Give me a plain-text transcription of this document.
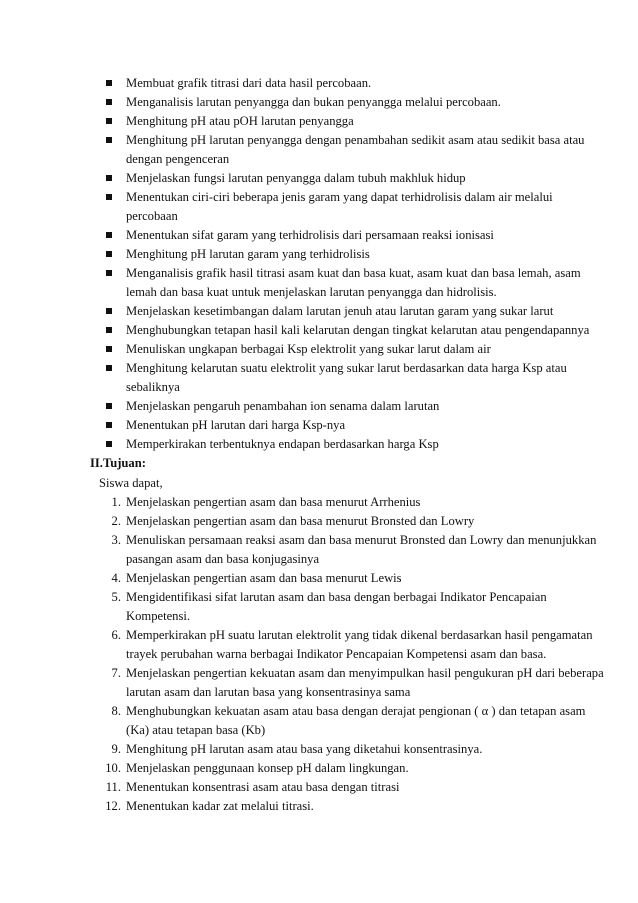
Membuat grafik titrasi dari data hasil percobaan.
Menganalisis larutan penyangga dan bukan penyangga melalui percobaan.
Menghitung pH atau pOH larutan penyangga
Menghitung pH larutan penyangga dengan penambahan sedikit asam atau sedikit basa atau dengan pengenceran
Menjelaskan fungsi larutan penyangga dalam tubuh makhluk hidup
Menentukan ciri-ciri beberapa jenis garam yang dapat terhidrolisis dalam air melalui percobaan
Menentukan sifat garam yang terhidrolisis dari persamaan reaksi ionisasi
Menghitung pH larutan garam yang terhidrolisis
Menganalisis grafik hasil titrasi asam kuat dan basa kuat, asam kuat dan basa lemah, asam lemah dan basa kuat untuk menjelaskan larutan penyangga dan hidrolisis.
Menjelaskan kesetimbangan dalam larutan jenuh atau larutan garam yang sukar larut
Menghubungkan tetapan hasil kali kelarutan dengan tingkat kelarutan atau pengendapannya
Menuliskan ungkapan berbagai Ksp elektrolit yang sukar larut dalam air
Menghitung kelarutan suatu elektrolit yang sukar larut berdasarkan data harga Ksp atau sebaliknya
Menjelaskan pengaruh penambahan ion senama dalam larutan
Menentukan pH larutan dari harga Ksp-nya
Memperkirakan terbentuknya endapan berdasarkan harga Ksp
II.Tujuan:

Siswa dapat,

1. Menjelaskan pengertian asam dan basa menurut Arrhenius
2. Menjelaskan pengertian asam dan basa menurut Bronsted dan Lowry
3. Menuliskan persamaan reaksi asam dan basa menurut Bronsted dan Lowry dan menunjukkan pasangan asam dan basa konjugasinya
4. Menjelaskan pengertian asam dan basa menurut Lewis
5. Mengidentifikasi sifat larutan asam dan basa dengan berbagai Indikator Pencapaian Kompetensi.
6. Memperkirakan pH suatu larutan elektrolit yang tidak dikenal berdasarkan hasil pengamatan trayek perubahan warna berbagai Indikator Pencapaian Kompetensi asam dan basa.
7. Menjelaskan pengertian kekuatan asam dan menyimpulkan hasil pengukuran pH dari beberapa larutan asam dan larutan basa yang konsentrasinya sama
8. Menghubungkan kekuatan asam atau basa dengan derajat pengionan ( α ) dan tetapan asam (Ka) atau tetapan basa (Kb)
9. Menghitung pH larutan asam atau basa yang diketahui konsentrasinya.
10. Menjelaskan penggunaan konsep pH dalam lingkungan.
11. Menentukan konsentrasi asam atau basa dengan titrasi
12. Menentukan kadar zat melalui titrasi.
